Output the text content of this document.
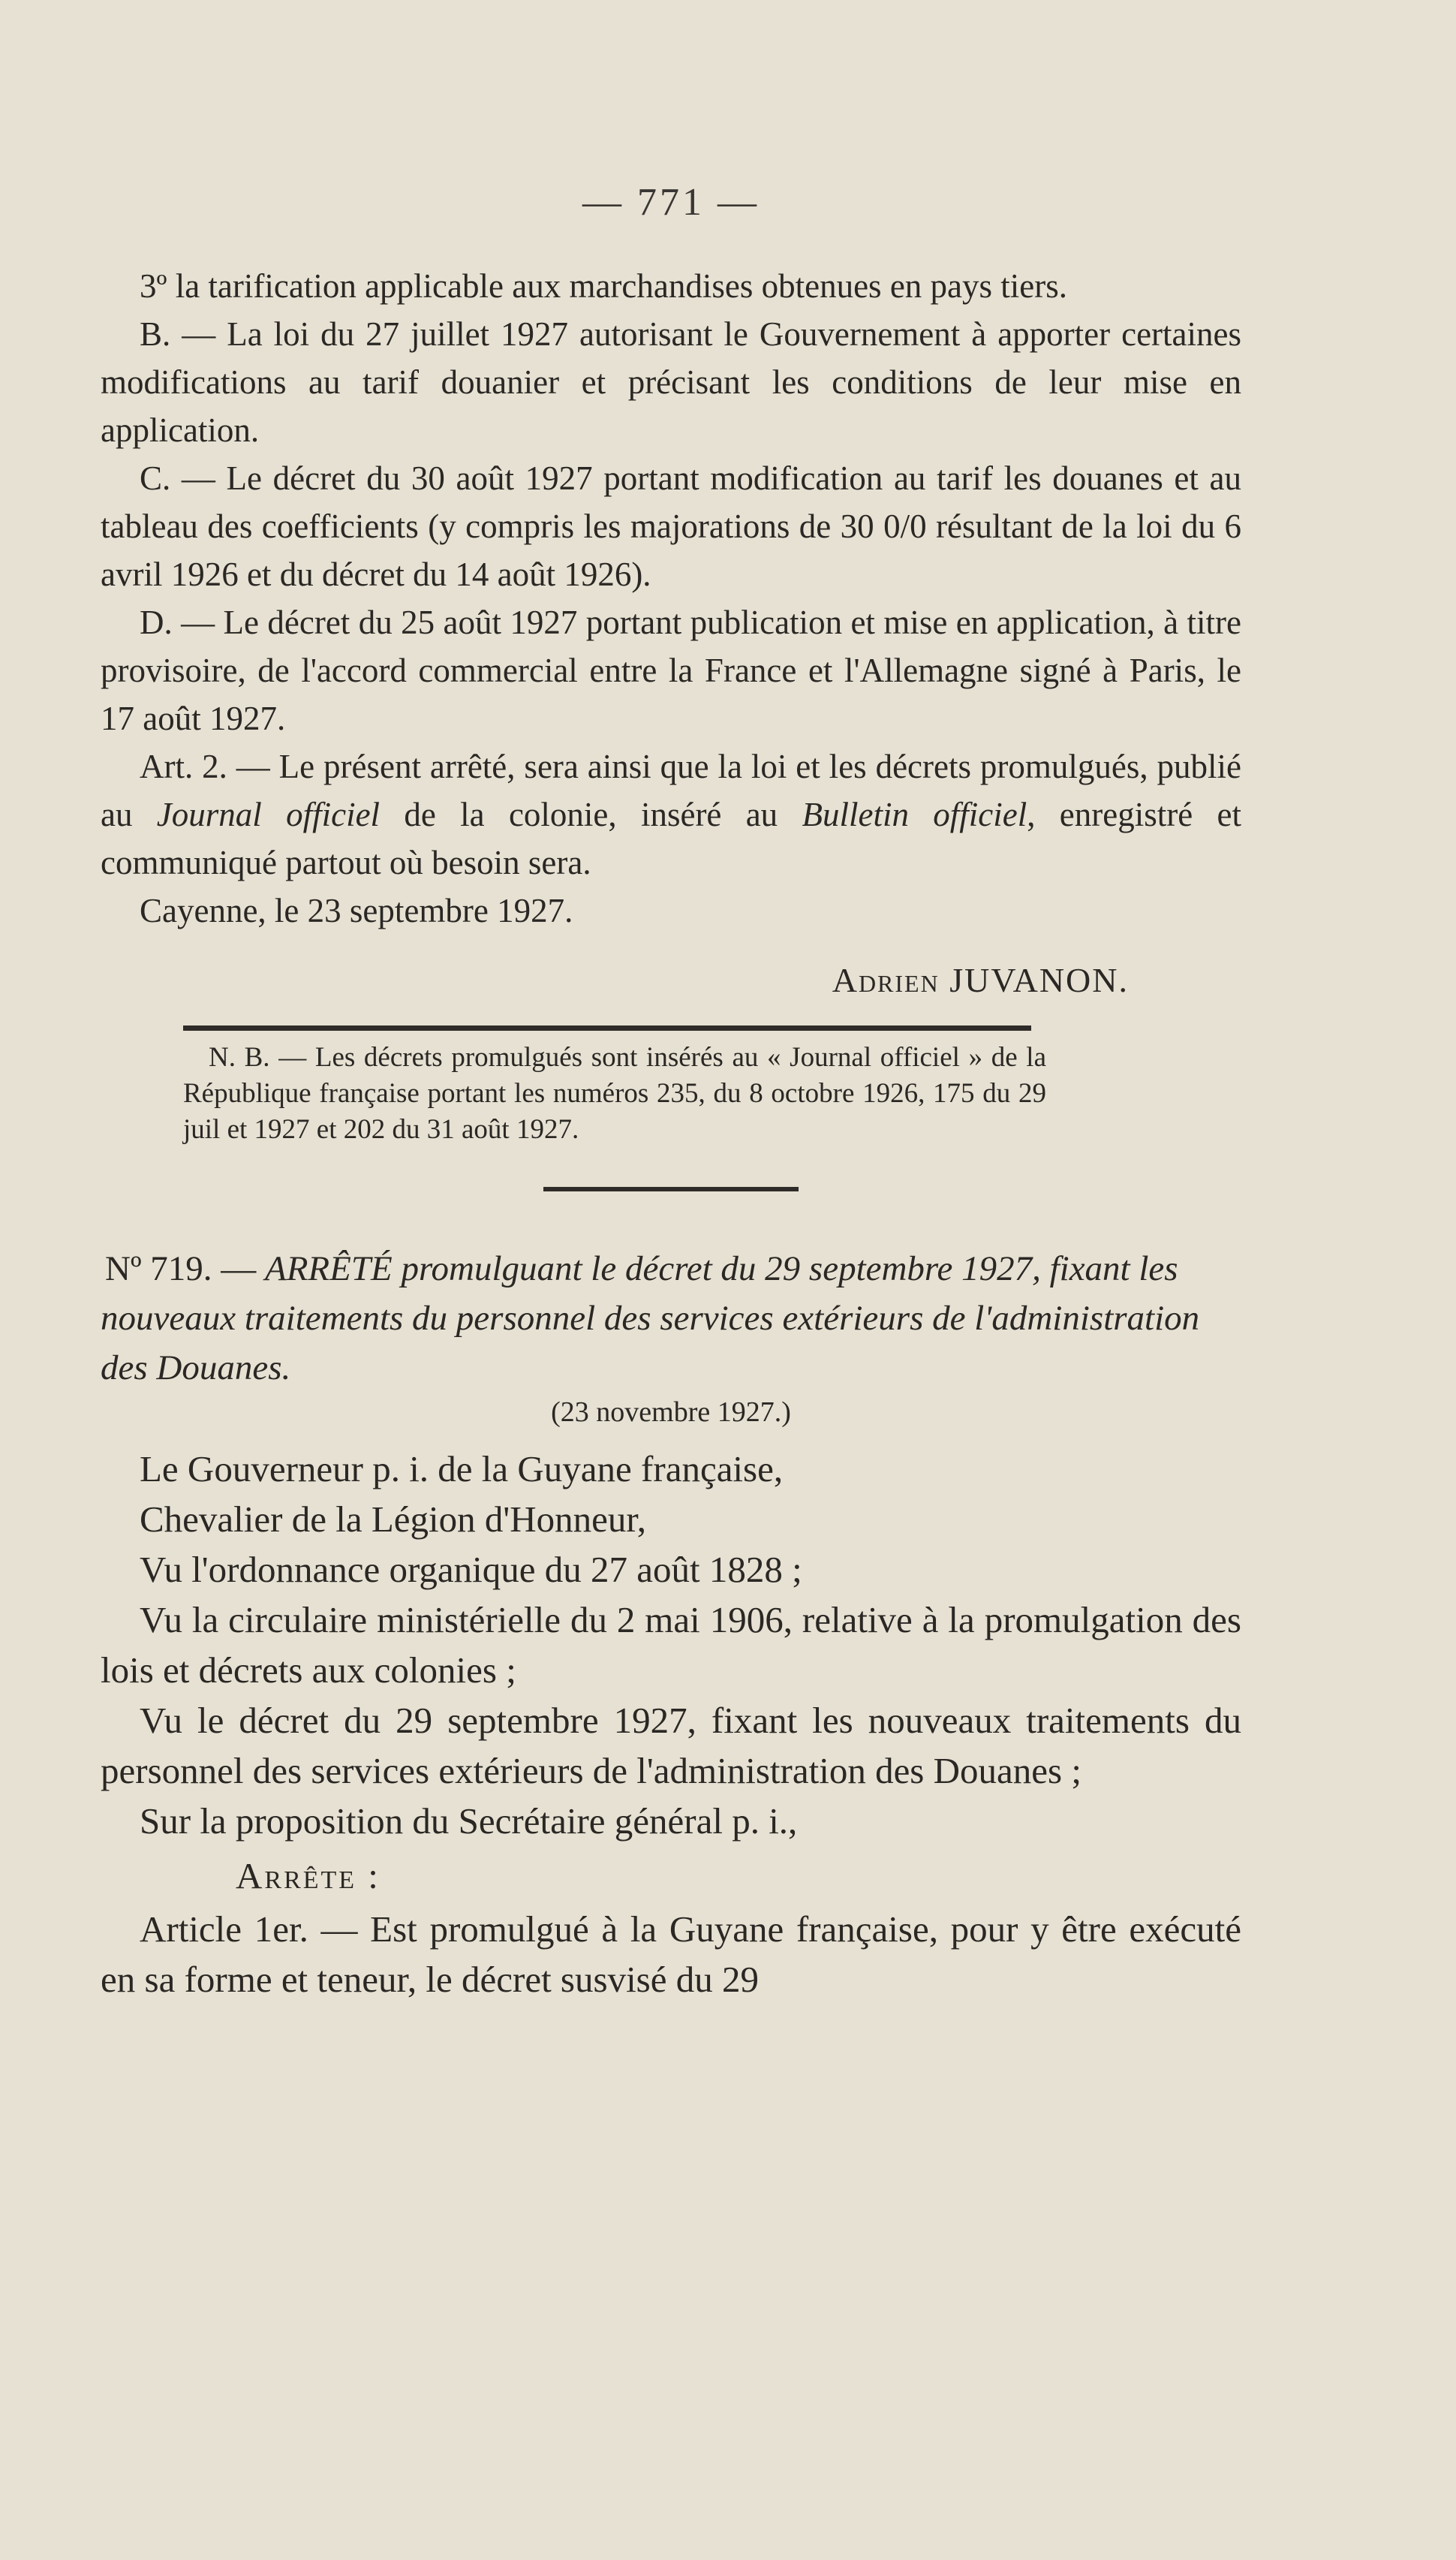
— 771 —

3º la tarification applicable aux marchandises obtenues en pays tiers.

B. — La loi du 27 juillet 1927 autorisant le Gouvernement à apporter certaines modifications au tarif douanier et précisant les conditions de leur mise en application.

C. — Le décret du 30 août 1927 portant modification au tarif les douanes et au tableau des coefficients (y compris les majorations de 30 0/0 résultant de la loi du 6 avril 1926 et du décret du 14 août 1926).

D. — Le décret du 25 août 1927 portant publication et mise en application, à titre provisoire, de l'accord commercial entre la France et l'Allemagne signé à Paris, le 17 août 1927.

Art. 2. — Le présent arrêté, sera ainsi que la loi et les décrets promulgués, publié au Journal officiel de la colonie, inséré au Bulletin officiel, enregistré et communiqué partout où besoin sera.

Cayenne, le 23 septembre 1927.

Adrien JUVANON.

N. B. — Les décrets promulgués sont insérés au « Journal officiel » de la République française portant les numéros 235, du 8 octobre 1926, 175 du 29 juil et 1927 et 202 du 31 août 1927.

Nº 719. — ARRÊTÉ promulguant le décret du 29 septembre 1927, fixant les nouveaux traitements du personnel des services extérieurs de l'administration des Douanes.

(23 novembre 1927.)

Le Gouverneur p. i. de la Guyane française,

Chevalier de la Légion d'Honneur,

Vu l'ordonnance organique du 27 août 1828 ;

Vu la circulaire ministérielle du 2 mai 1906, relative à la promulgation des lois et décrets aux colonies ;

Vu le décret du 29 septembre 1927, fixant les nouveaux traitements du personnel des services extérieurs de l'administration des Douanes ;

Sur la proposition du Secrétaire général p. i.,

Arrête :

Article 1er. — Est promulgué à la Guyane française, pour y être exécuté en sa forme et teneur, le décret susvisé du 29
